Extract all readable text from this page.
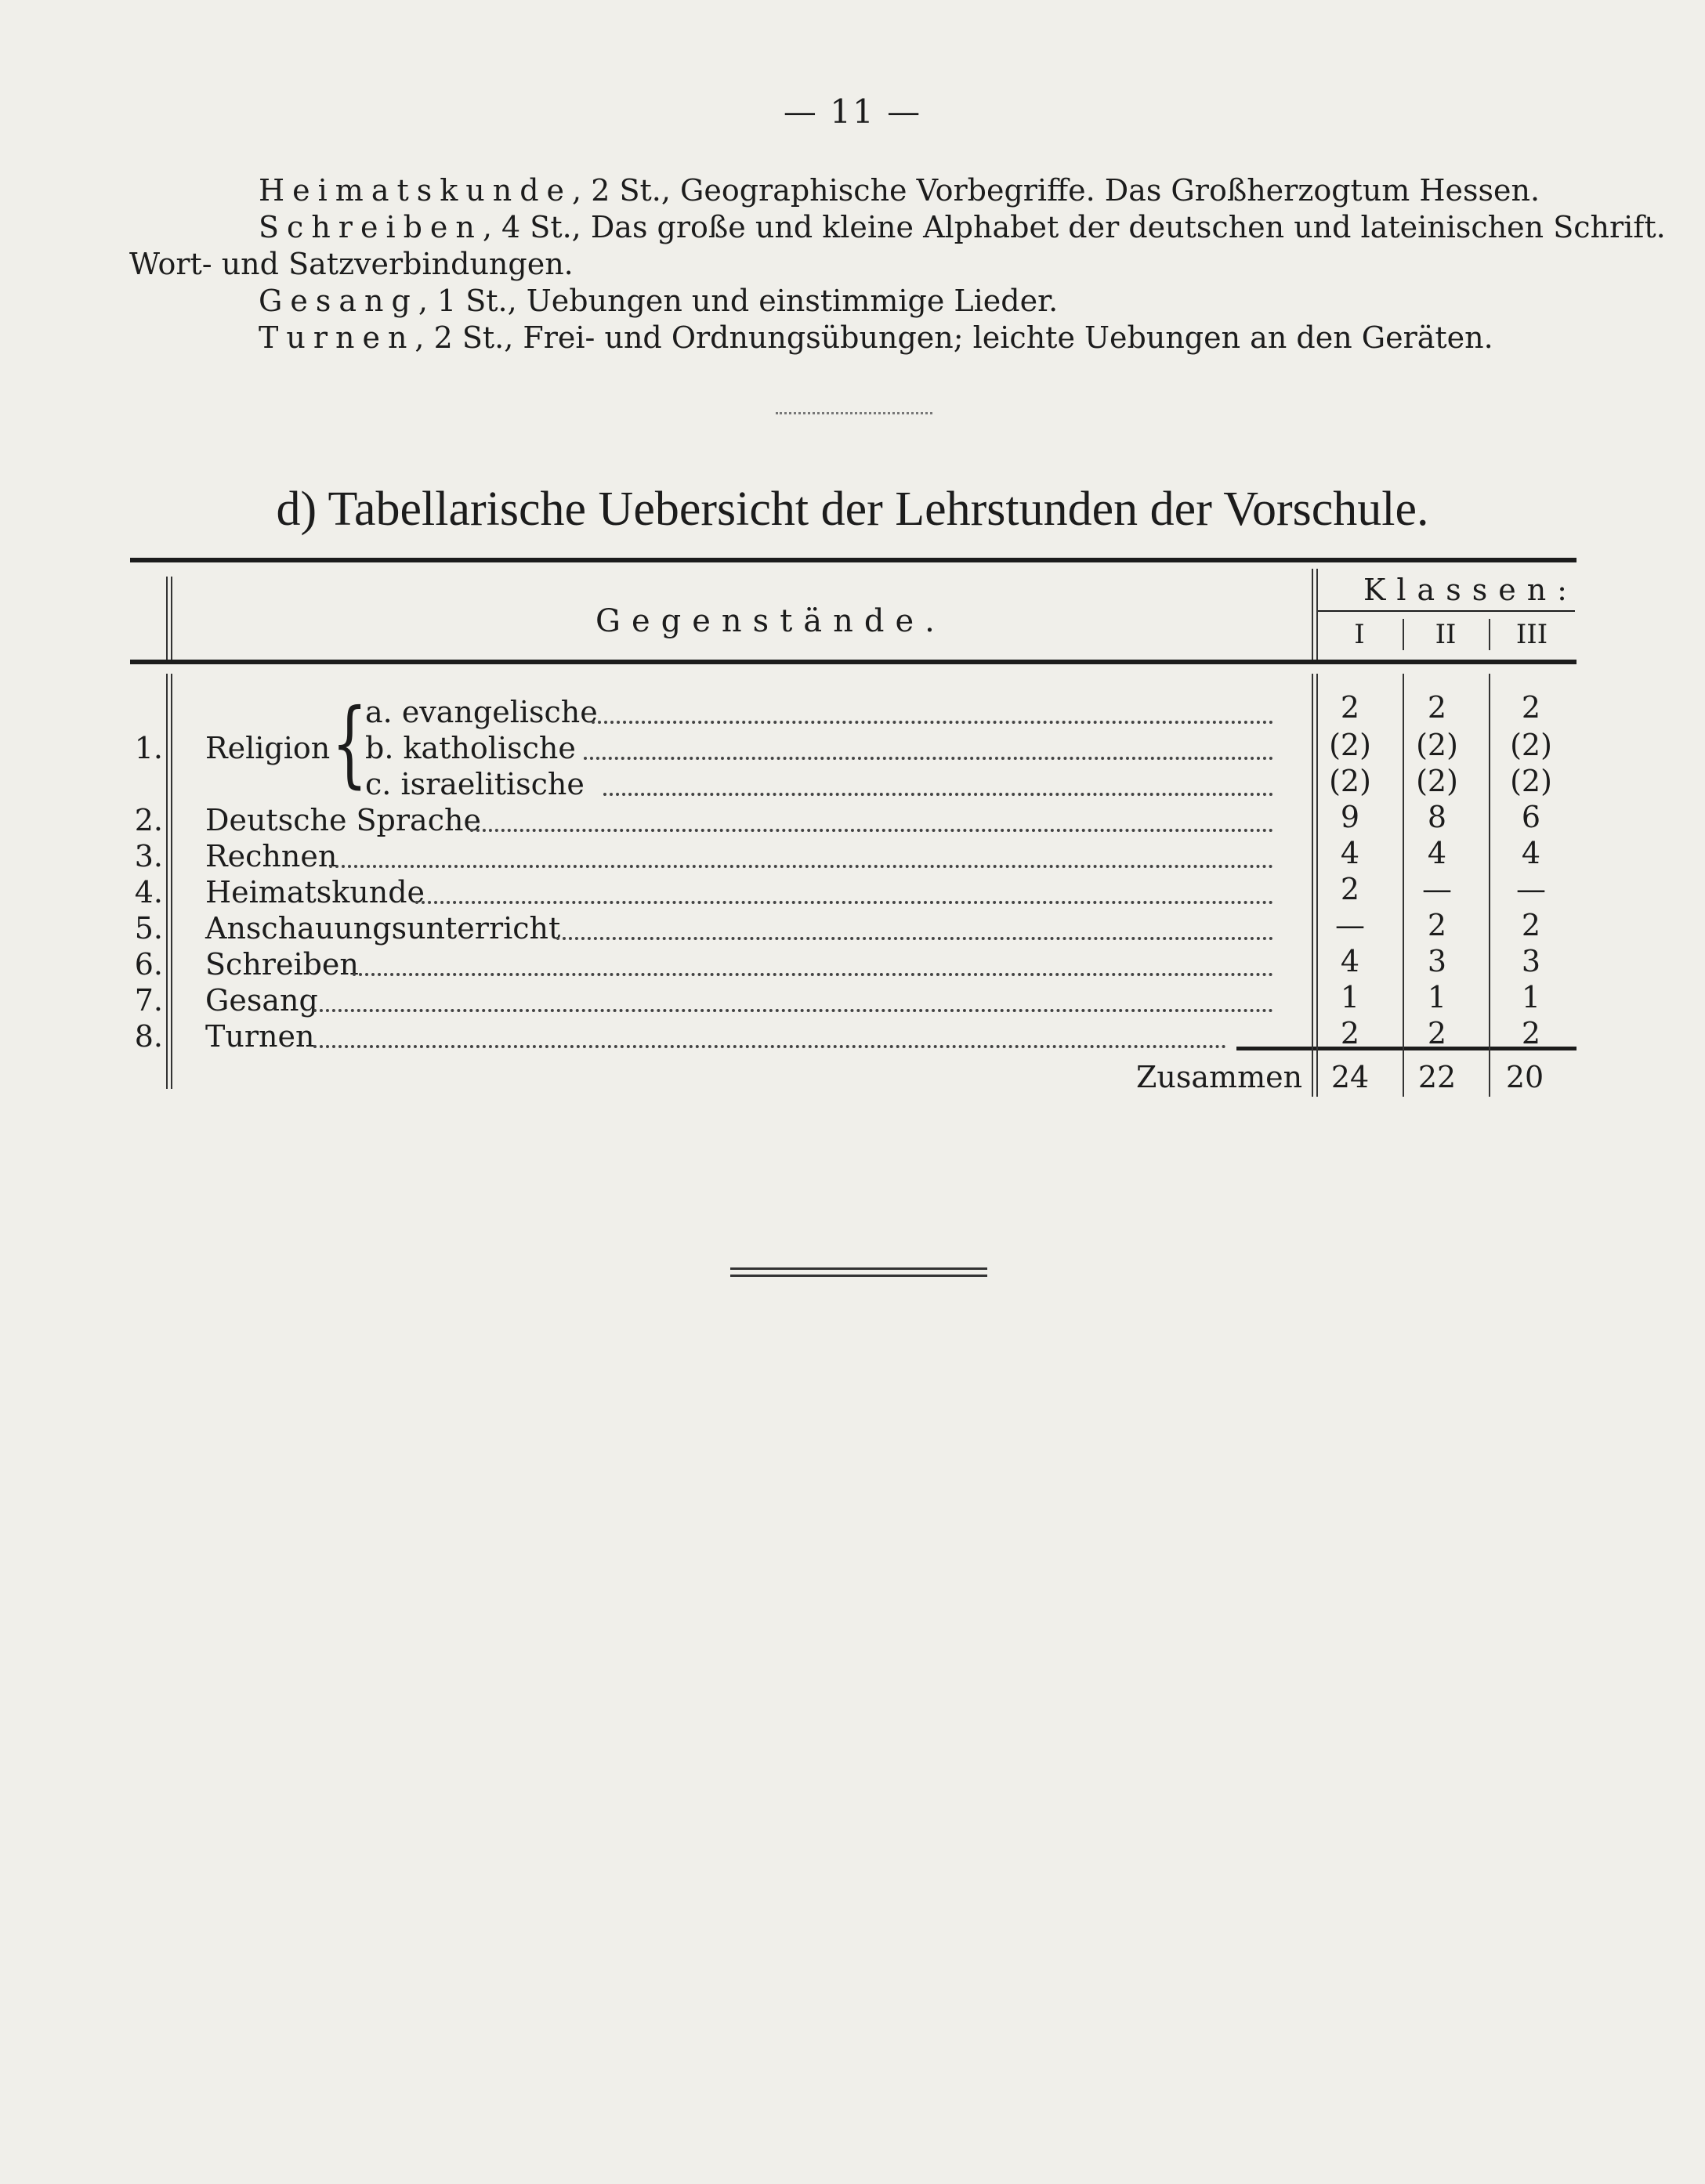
— 11 —
Heimatskunde, 2 St., Geographische Vorbegriffe. Das Großherzogtum Hessen.
Schreiben, 4 St., Das große und kleine Alphabet der deutschen und lateinischen Schrift.
Wort- und Satzverbindungen.
Gesang, 1 St., Uebungen und einstimmige Lieder.
Turnen, 2 St., Frei- und Ordnungsübungen; leichte Uebungen an den Geräten.
d) Tabellarische Uebersicht der Lehrstunden der Vorschule.
Gegenstände.
Klassen:
I	II	III
1. Religion {
a. evangelische	2	2	2
b. katholische	(2)	(2)	(2)
c. israelitische	(2)	(2)	(2)
2. Deutsche Sprache	9	8	6
3. Rechnen	4	4	4
4. Heimatskunde	2	—	—
5. Anschauungsunterricht	—	2	2
6. Schreiben	4	3	3
7. Gesang	1	1	1
8. Turnen	2	2	2
Zusammen 24	22	20
